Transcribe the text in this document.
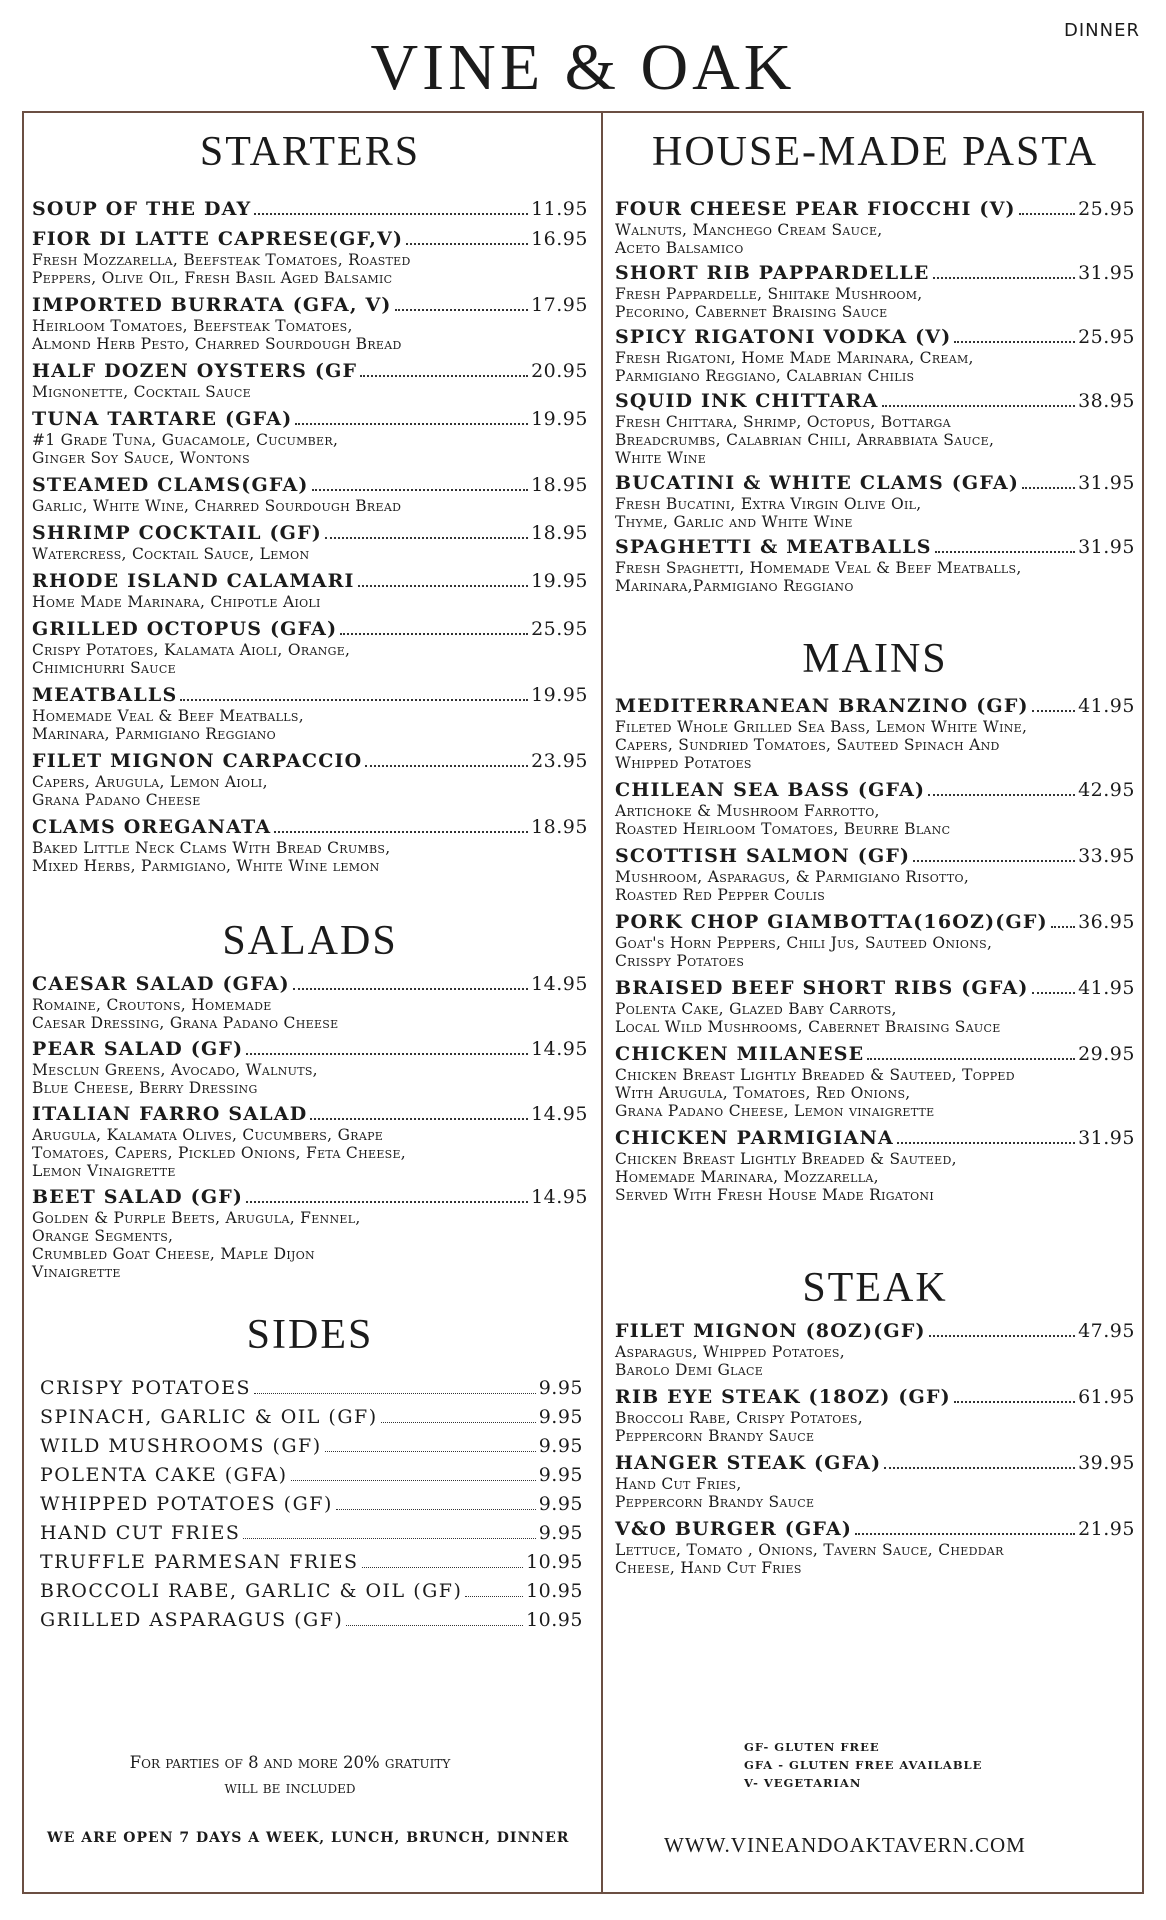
DINNER
VINE & OAK
STARTERS
SOUP OF THE DAY	11.95
FIOR DI LATTE CAPRESE(GF,V)	16.95

Fresh Mozzarella, Beefsteak Tomatoes, Roasted
Peppers, Olive Oil, Fresh Basil Aged Balsamic

IMPORTED BURRATA (GFA, V)	17.95

Heirloom Tomatoes, Beefsteak Tomatoes,
Almond Herb Pesto, Charred Sourdough Bread

HALF DOZEN OYSTERS (GF	20.95

Mignonette, Cocktail Sauce

TUNA TARTARE (GFA)	19.95

#1 Grade Tuna, Guacamole, Cucumber,
Ginger Soy Sauce, Wontons

STEAMED CLAMS(GFA)	18.95

Garlic, White Wine, Charred Sourdough Bread

SHRIMP COCKTAIL (GF)	18.95

Watercress, Cocktail Sauce, Lemon

RHODE ISLAND CALAMARI	19.95

Home Made Marinara, Chipotle Aioli

GRILLED OCTOPUS (GFA)	25.95

Crispy Potatoes, Kalamata Aioli, Orange,
Chimichurri Sauce

MEATBALLS	19.95

Homemade Veal & Beef Meatballs,
Marinara, Parmigiano Reggiano

FILET MIGNON CARPACCIO	23.95

Capers, Arugula, Lemon Aioli,
Grana Padano Cheese

CLAMS OREGANATA	18.95

Baked Little Neck Clams With Bread Crumbs,
Mixed Herbs, Parmigiano, White Wine lemon

SALADS
CAESAR SALAD (GFA)	14.95

Romaine, Croutons, Homemade
Caesar Dressing, Grana Padano Cheese

PEAR SALAD (GF)	14.95

Mesclun Greens, Avocado, Walnuts,
Blue Cheese, Berry Dressing

ITALIAN FARRO SALAD	14.95

Arugula, Kalamata Olives, Cucumbers, Grape
Tomatoes, Capers, Pickled Onions, Feta Cheese,
Lemon Vinaigrette

BEET SALAD (GF)	14.95

Golden & Purple Beets, Arugula, Fennel,
Orange Segments,
Crumbled Goat Cheese, Maple Dijon
Vinaigrette

SIDES
CRISPY POTATOES	9.95
SPINACH, GARLIC & OIL (GF)	9.95
WILD MUSHROOMS (GF)	9.95
POLENTA CAKE (GFA)	9.95
WHIPPED POTATOES (GF)	9.95
HAND CUT FRIES	9.95
TRUFFLE PARMESAN FRIES	10.95
BROCCOLI RABE, GARLIC & OIL (GF)	10.95
GRILLED ASPARAGUS (GF)	10.95
HOUSE-MADE PASTA
FOUR CHEESE PEAR FIOCCHI (V)	25.95

Walnuts, Manchego Cream Sauce,
Aceto Balsamico

SHORT RIB PAPPARDELLE	31.95

Fresh Pappardelle, Shiitake Mushroom,
Pecorino, Cabernet Braising Sauce

SPICY RIGATONI VODKA (V)	25.95

Fresh Rigatoni, Home Made Marinara, Cream,
Parmigiano Reggiano, Calabrian Chilis

SQUID INK CHITTARA	38.95

Fresh Chittara, Shrimp, Octopus, Bottarga
Breadcrumbs, Calabrian Chili, Arrabbiata Sauce,
White Wine

BUCATINI & WHITE CLAMS (GFA)	31.95

Fresh Bucatini, Extra Virgin Olive Oil,
Thyme, Garlic and White Wine

SPAGHETTI & MEATBALLS	31.95

Fresh Spaghetti, Homemade Veal & Beef Meatballs,
Marinara,Parmigiano Reggiano

MAINS
MEDITERRANEAN BRANZINO (GF)	41.95

Fileted Whole Grilled Sea Bass, Lemon White Wine,
Capers, Sundried Tomatoes, Sauteed Spinach And
Whipped Potatoes

CHILEAN SEA BASS (GFA)	42.95

Artichoke & Mushroom Farrotto,
Roasted Heirloom Tomatoes, Beurre Blanc

SCOTTISH SALMON (GF)	33.95

Mushroom, Asparagus, & Parmigiano Risotto,
Roasted Red Pepper Coulis

PORK CHOP GIAMBOTTA(16OZ)(GF) 36.95

Goat's Horn Peppers, Chili Jus, Sauteed Onions,
Crisspy Potatoes

BRAISED BEEF SHORT RIBS (GFA)	41.95

Polenta Cake, Glazed Baby Carrots,
Local Wild Mushrooms, Cabernet Braising Sauce

CHICKEN MILANESE	29.95

Chicken Breast Lightly Breaded & Sauteed, Topped
With Arugula, Tomatoes, Red Onions,
Grana Padano Cheese, Lemon vinaigrette

CHICKEN PARMIGIANA	31.95

Chicken Breast Lightly Breaded & Sauteed,
Homemade Marinara, Mozzarella,
Served With Fresh House Made Rigatoni

STEAK
FILET MIGNON (8OZ)(GF)	47.95

Asparagus, Whipped Potatoes,
Barolo Demi Glace

RIB EYE STEAK (18OZ) (GF)	61.95

Broccoli Rabe, Crispy Potatoes,
Peppercorn Brandy Sauce

HANGER STEAK (GFA)	39.95

Hand Cut Fries,
Peppercorn Brandy Sauce

V&O BURGER (GFA)	21.95

Lettuce, Tomato , Onions, Tavern Sauce, Cheddar
Cheese, Hand Cut Fries

For parties of 8 and more 20% gratuity
will be included
WE ARE OPEN 7 DAYS A WEEK, LUNCH, BRUNCH, DINNER
GF- GLUTEN FREE
GFA - GLUTEN FREE AVAILABLE
V- VEGETARIAN
WWW.VINEANDOAKTAVERN.COM
